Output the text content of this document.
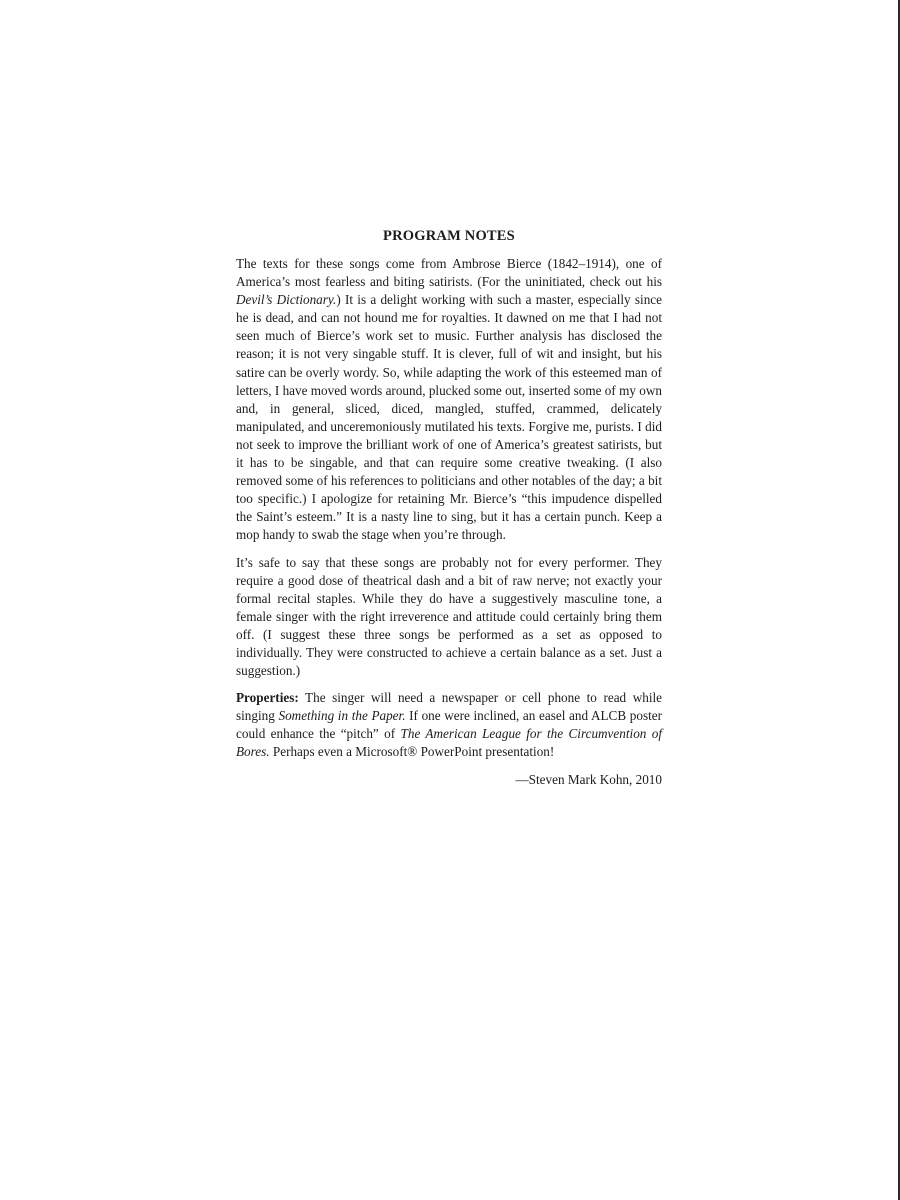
PROGRAM NOTES

The texts for these songs come from Ambrose Bierce (1842–1914), one of America’s most fearless and biting satirists. (For the uninitiated, check out his Devil’s Dictionary.) It is a delight working with such a master, especially since he is dead, and can not hound me for royalties. It dawned on me that I had not seen much of Bierce’s work set to music. Further analysis has disclosed the reason; it is not very singable stuff. It is clever, full of wit and insight, but his satire can be overly wordy. So, while adapting the work of this esteemed man of letters, I have moved words around, plucked some out, inserted some of my own and, in general, sliced, diced, mangled, stuffed, crammed, delicately manipulated, and unceremoniously mutilated his texts. Forgive me, purists. I did not seek to improve the brilliant work of one of America’s greatest satirists, but it has to be singable, and that can require some creative tweaking. (I also removed some of his references to politicians and other notables of the day; a bit too specific.) I apologize for retaining Mr. Bierce’s “this impudence dispelled the Saint’s esteem.” It is a nasty line to sing, but it has a certain punch. Keep a mop handy to swab the stage when you’re through.

It’s safe to say that these songs are probably not for every performer. They require a good dose of theatrical dash and a bit of raw nerve; not exactly your formal recital staples. While they do have a suggestively masculine tone, a female singer with the right irreverence and attitude could certainly bring them off. (I suggest these three songs be performed as a set as opposed to individually. They were constructed to achieve a certain balance as a set. Just a suggestion.)

Properties: The singer will need a newspaper or cell phone to read while singing Something in the Paper. If one were inclined, an easel and ALCB poster could enhance the “pitch” of The American League for the Circumvention of Bores. Perhaps even a Microsoft® PowerPoint presentation!

—Steven Mark Kohn, 2010
